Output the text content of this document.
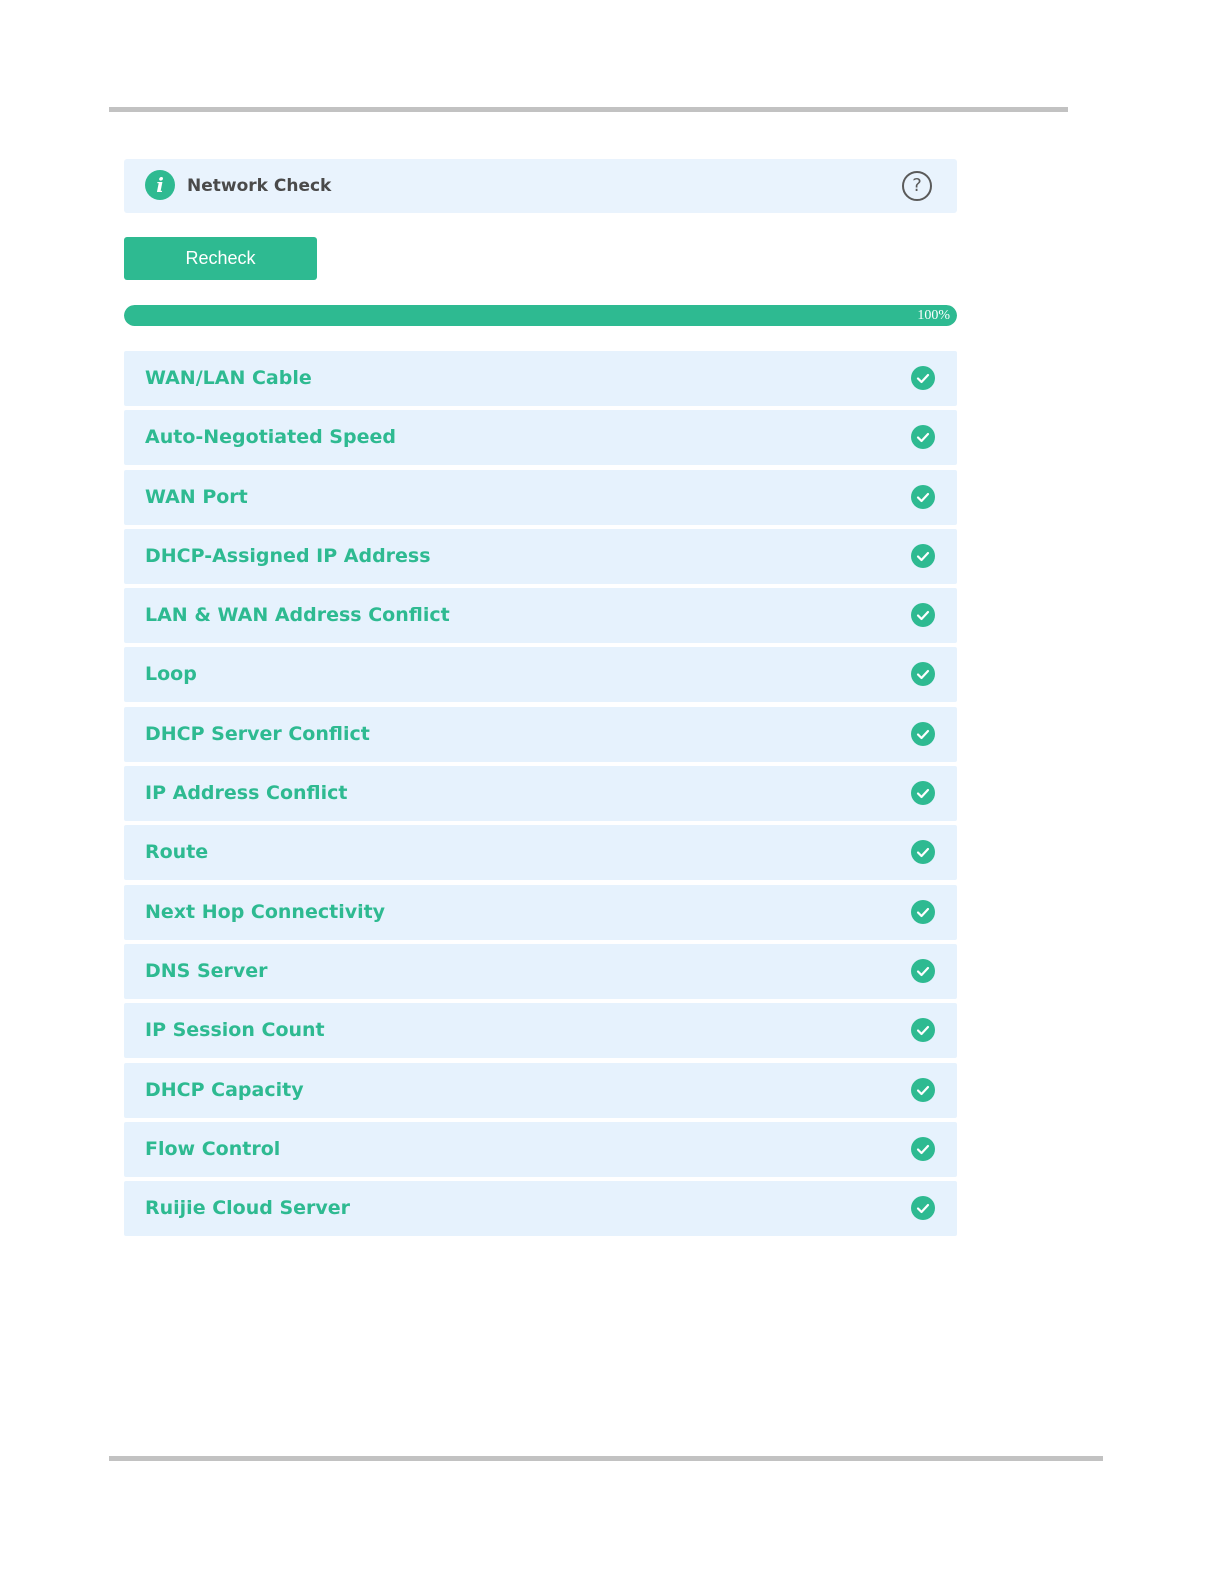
i	Network Check	?
Recheck
100%
WAN/LAN Cable
Auto-Negotiated Speed
WAN Port
DHCP-Assigned IP Address
LAN & WAN Address Conflict
Loop
DHCP Server Conflict
IP Address Conflict
Route
Next Hop Connectivity
DNS Server
IP Session Count
DHCP Capacity
Flow Control
Ruijie Cloud Server
